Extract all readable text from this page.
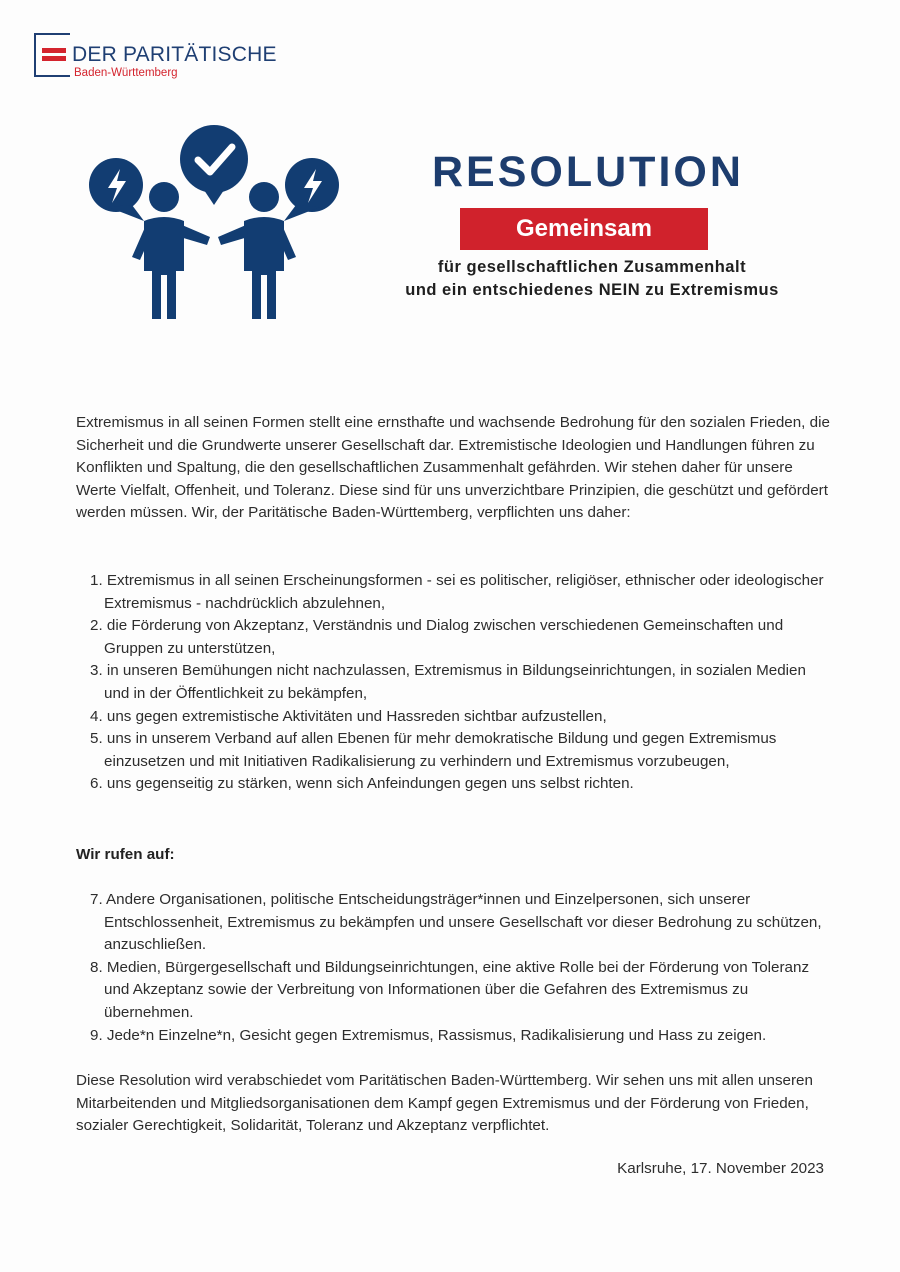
DER PARITÄTISCHE
Baden-Württemberg
RESOLUTION
Gemeinsam
für gesellschaftlichen Zusammenhalt
und ein entschiedenes NEIN zu Extremismus

Extremismus in all seinen Formen stellt eine ernsthafte und wachsende Bedrohung für den sozialen Frieden, die Sicherheit und die Grundwerte unserer Gesellschaft dar. Extremistische Ideologien und Handlungen führen zu Konflikten und Spaltung, die den gesellschaftlichen Zusammenhalt gefährden. Wir stehen daher für unsere Werte Vielfalt, Offenheit, und Toleranz. Diese sind für uns unverzichtbare Prinzipien, die geschützt und gefördert werden müssen. Wir, der Paritätische Baden-Württemberg, verpflichten uns daher:

1. Extremismus in all seinen Erscheinungsformen - sei es politischer, religiöser, ethnischer oder ideologischer Extremismus - nachdrücklich abzulehnen,
2. die Förderung von Akzeptanz, Verständnis und Dialog zwischen verschiedenen Gemeinschaften und Gruppen zu unterstützen,
3. in unseren Bemühungen nicht nachzulassen, Extremismus in Bildungseinrichtungen, in sozialen Medien und in der Öffentlichkeit zu bekämpfen,
4. uns gegen extremistische Aktivitäten und Hassreden sichtbar aufzustellen,
5. uns in unserem Verband auf allen Ebenen für mehr demokratische Bildung und gegen Extremismus einzusetzen und mit Initiativen Radikalisierung zu verhindern und Extremismus vorzubeugen,
6. uns gegenseitig zu stärken, wenn sich Anfeindungen gegen uns selbst richten.
Wir rufen auf:
7. Andere Organisationen, politische Entscheidungsträger*innen und Einzelpersonen, sich unserer Entschlossenheit, Extremismus zu bekämpfen und unsere Gesellschaft vor dieser Bedrohung zu schützen, anzuschließen.
8. Medien, Bürgergesellschaft und Bildungseinrichtungen, eine aktive Rolle bei der Förderung von Toleranz und Akzeptanz sowie der Verbreitung von Informationen über die Gefahren des Extremismus zu übernehmen.
9. Jede*n Einzelne*n, Gesicht gegen Extremismus, Rassismus, Radikalisierung und Hass zu zeigen.

Diese Resolution wird verabschiedet vom Paritätischen Baden-Württemberg. Wir sehen uns mit allen unseren Mitarbeitenden und Mitgliedsorganisationen dem Kampf gegen Extremismus und der Förderung von Frieden, sozialer Gerechtigkeit, Solidarität, Toleranz und Akzeptanz verpflichtet.

Karlsruhe, 17. November 2023
